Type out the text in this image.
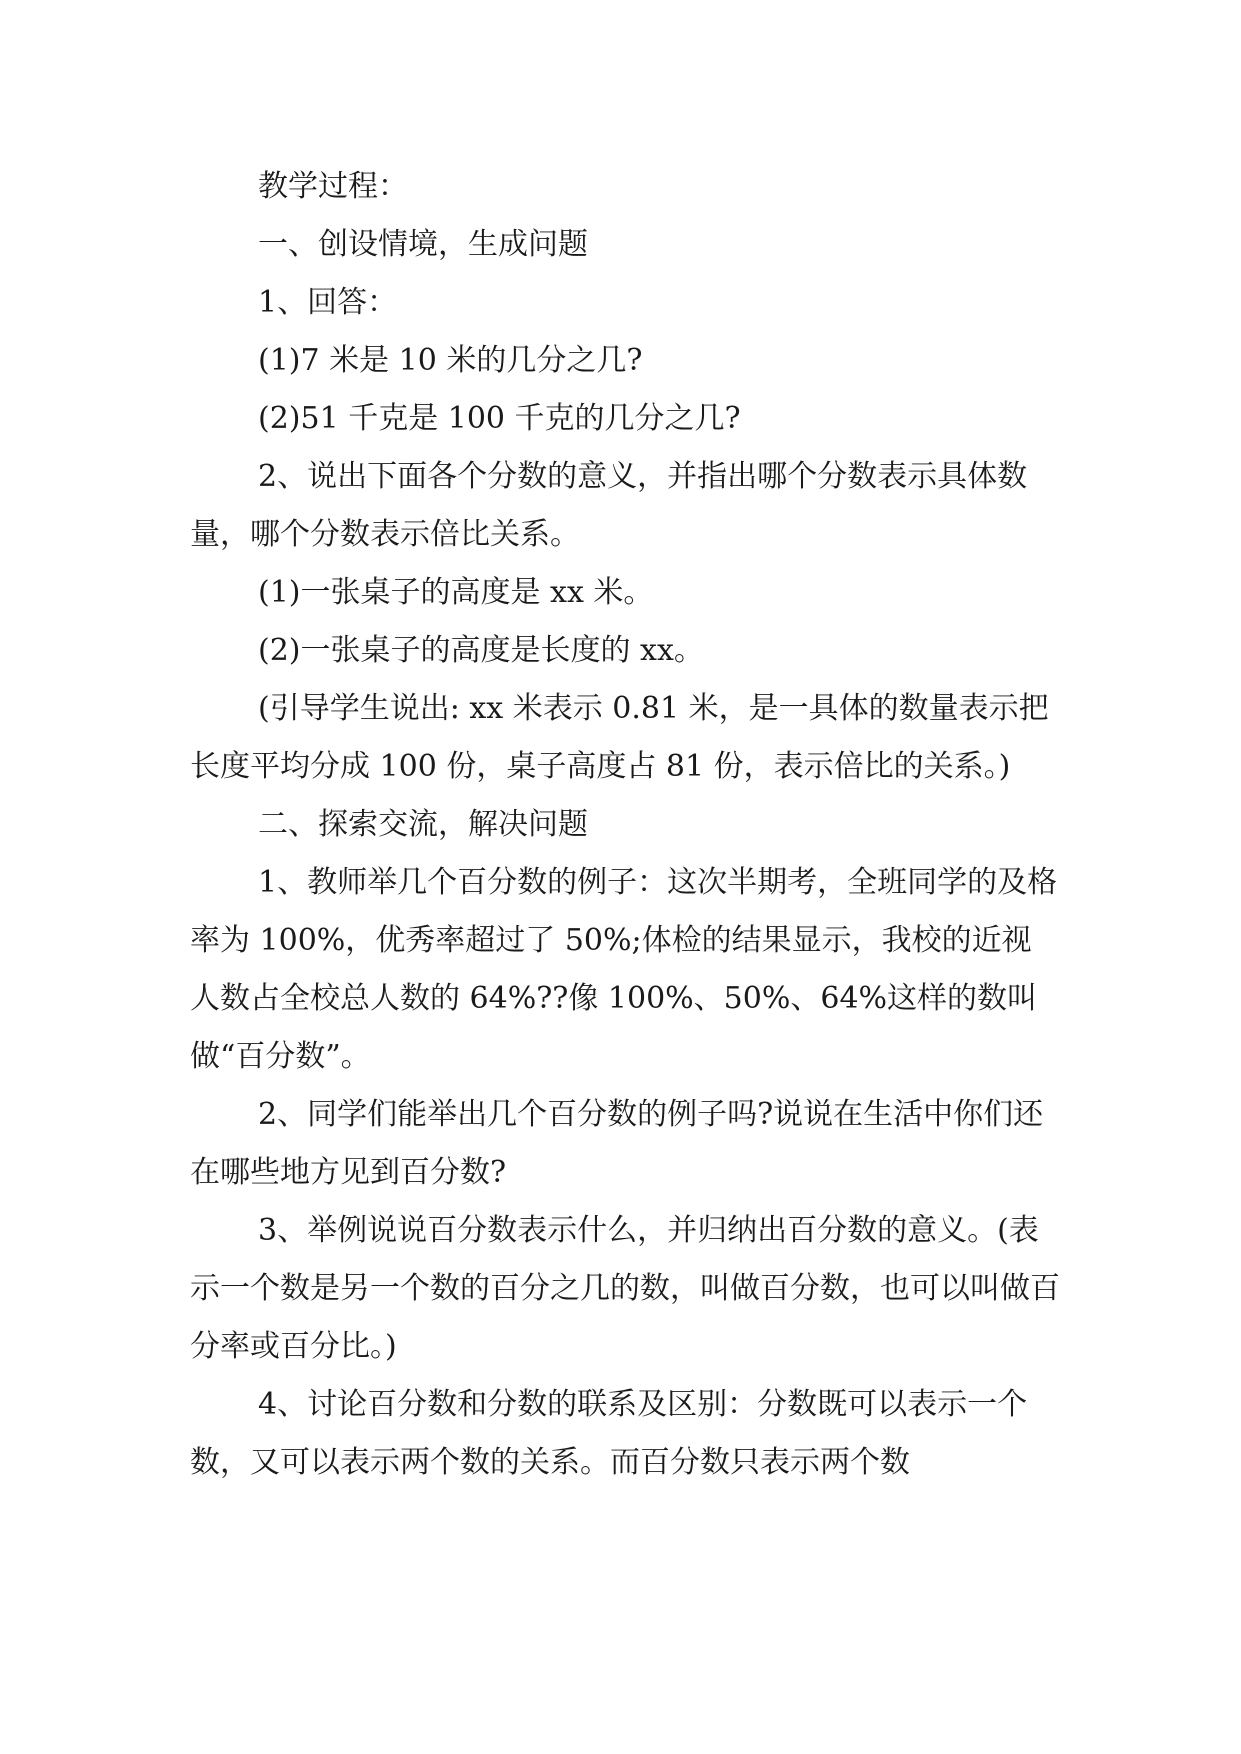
教学过程：

一、创设情境，生成问题

1、回答：

(1)7 米是 10 米的几分之几?

(2)51 千克是 100 千克的几分之几?

2、说出下面各个分数的意义，并指出哪个分数表示具体数量，哪个分数表示倍比关系。

(1)一张桌子的高度是 xx 米。

(2)一张桌子的高度是长度的 xx。

(引导学生说出: xx 米表示 0.81 米，是一具体的数量表示把长度平均分成 100 份，桌子高度占 81 份，表示倍比的关系。)

二、探索交流，解决问题

1、教师举几个百分数的例子：这次半期考，全班同学的及格率为 100%，优秀率超过了 50%;体检的结果显示，我校的近视人数占全校总人数的 64%??像 100%、50%、64%这样的数叫做“百分数”。

2、同学们能举出几个百分数的例子吗?说说在生活中你们还在哪些地方见到百分数?

3、举例说说百分数表示什么，并归纳出百分数的意义。(表示一个数是另一个数的百分之几的数，叫做百分数，也可以叫做百分率或百分比。)

4、讨论百分数和分数的联系及区别：分数既可以表示一个数，又可以表示两个数的关系。而百分数只表示两个数
